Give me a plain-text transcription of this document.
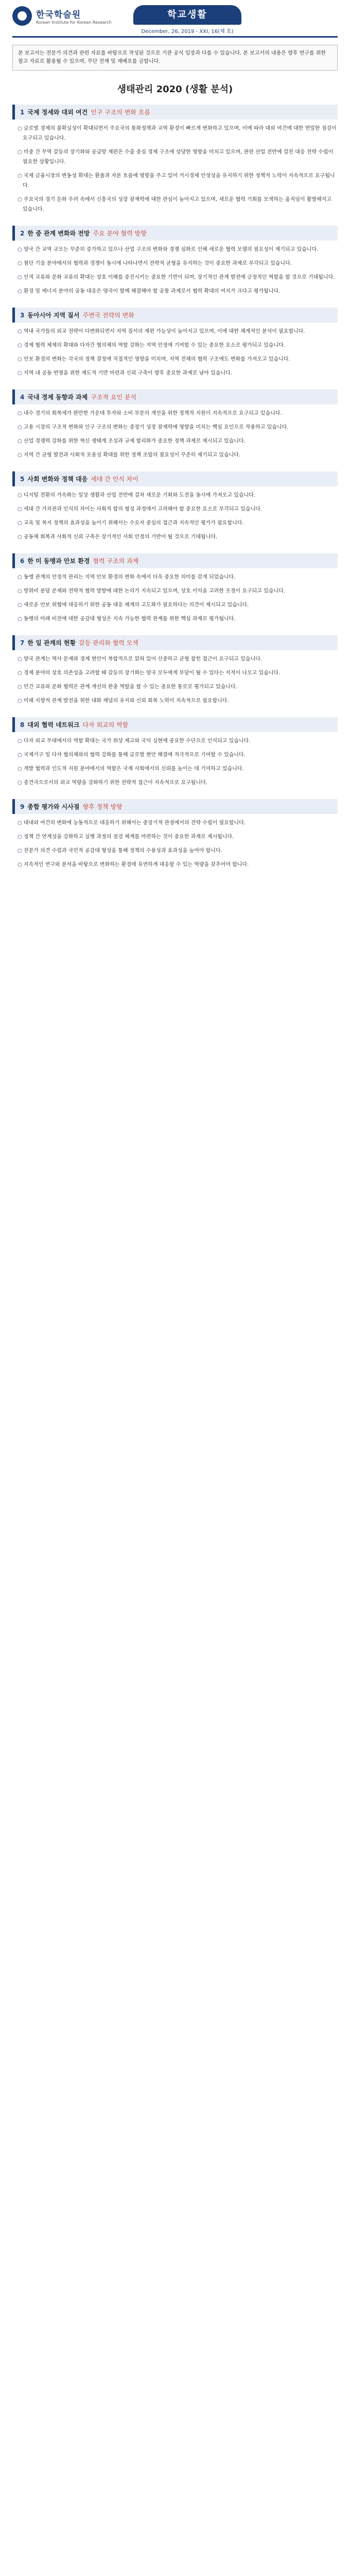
한국학술원
Korean Institute for Korean Research
학교생활
December, 26, 2019 - XXI, 16(제 호)
본 보고서는 전문가 의견과 관련 자료를 바탕으로 작성된 것으로 기관 공식 입장과 다를 수 있습니다. 본 보고서의 내용은 향후 연구를 위한 참고 자료로 활용될 수 있으며, 무단 전재 및 재배포를 금합니다.
생태관리 2020 (생활 분석)
1 국제 정세와 대외 여건 인구 구조의 변화 흐름
○ 글로벌 경제의 불확실성이 확대되면서 주요국의 통화정책과 교역 환경이 빠르게 변화하고 있으며, 이에 따라 대외 여건에 대한 면밀한 점검이 요구되고 있습니다.
○ 미중 간 무역 갈등의 장기화와 공급망 재편은 수출 중심 경제 구조에 상당한 영향을 미치고 있으며, 관련 산업 전반에 걸친 대응 전략 수립이 필요한 상황입니다.
○ 국제 금융시장의 변동성 확대는 환율과 자본 흐름에 영향을 주고 있어 거시경제 안정성을 유지하기 위한 정책적 노력이 지속적으로 요구됩니다.
○ 주요국의 경기 둔화 우려 속에서 신흥국의 성장 잠재력에 대한 관심이 높아지고 있으며, 새로운 협력 기회를 모색하는 움직임이 활발해지고 있습니다.
2 한 중 관계 변화와 전망 주요 분야 협력 방향
○ 양국 간 교역 규모는 꾸준히 증가하고 있으나 산업 구조의 변화와 경쟁 심화로 인해 새로운 협력 모델의 필요성이 제기되고 있습니다.
○ 첨단 기술 분야에서의 협력과 경쟁이 동시에 나타나면서 전략적 균형을 유지하는 것이 중요한 과제로 부각되고 있습니다.
○ 인적 교류와 문화 교류의 확대는 상호 이해를 증진시키는 중요한 기반이 되며, 장기적인 관계 발전에 긍정적인 역할을 할 것으로 기대됩니다.
○ 환경 및 에너지 분야의 공동 대응은 양국이 함께 해결해야 할 공통 과제로서 협력 확대의 여지가 크다고 평가됩니다.
3 동아시아 지역 질서 주변국 전략의 변화
○ 역내 국가들의 외교 전략이 다변화되면서 지역 질서의 재편 가능성이 높아지고 있으며, 이에 대한 체계적인 분석이 필요합니다.
○ 경제 협력 체제의 확대와 다자간 협의체의 역할 강화는 지역 안정에 기여할 수 있는 중요한 요소로 평가되고 있습니다.
○ 안보 환경의 변화는 각국의 정책 결정에 직접적인 영향을 미치며, 지역 전체의 협력 구조에도 변화를 가져오고 있습니다.
○ 지역 내 공동 번영을 위한 제도적 기반 마련과 신뢰 구축이 향후 중요한 과제로 남아 있습니다.
4 국내 경제 동향과 과제 구조적 요인 분석
○ 내수 경기의 회복세가 완만한 가운데 투자와 소비 부문의 개선을 위한 정책적 지원이 지속적으로 요구되고 있습니다.
○ 고용 시장의 구조적 변화와 인구 구조의 변화는 중장기 성장 잠재력에 영향을 미치는 핵심 요인으로 작용하고 있습니다.
○ 산업 경쟁력 강화를 위한 혁신 생태계 조성과 규제 합리화가 중요한 정책 과제로 제시되고 있습니다.
○ 지역 간 균형 발전과 사회적 포용성 확대를 위한 정책 조합의 필요성이 꾸준히 제기되고 있습니다.
5 사회 변화와 정책 대응 세대 간 인식 차이
○ 디지털 전환의 가속화는 일상 생활과 산업 전반에 걸쳐 새로운 기회와 도전을 동시에 가져오고 있습니다.
○ 세대 간 가치관과 인식의 차이는 사회적 합의 형성 과정에서 고려해야 할 중요한 요소로 부각되고 있습니다.
○ 교육 및 복지 정책의 효과성을 높이기 위해서는 수요자 중심의 접근과 지속적인 평가가 필요합니다.
○ 공동체 회복과 사회적 신뢰 구축은 장기적인 사회 안정의 기반이 될 것으로 기대됩니다.
6 한 미 동맹과 안보 환경 협력 구조의 과제
○ 동맹 관계의 안정적 관리는 지역 안보 환경의 변화 속에서 더욱 중요한 의미를 갖게 되었습니다.
○ 방위비 분담 문제와 전략적 협력 방향에 대한 논의가 지속되고 있으며, 상호 이익을 고려한 조정이 요구되고 있습니다.
○ 새로운 안보 위협에 대응하기 위한 공동 대응 체계의 고도화가 필요하다는 의견이 제시되고 있습니다.
○ 동맹의 미래 비전에 대한 공감대 형성은 지속 가능한 협력 관계를 위한 핵심 과제로 평가됩니다.
7 한 일 관계의 현황 갈등 관리와 협력 모색
○ 양국 관계는 역사 문제와 경제 현안이 복합적으로 얽혀 있어 신중하고 균형 잡힌 접근이 요구되고 있습니다.
○ 경제 분야의 상호 의존성을 고려할 때 갈등의 장기화는 양국 모두에게 부담이 될 수 있다는 지적이 나오고 있습니다.
○ 민간 교류와 문화 협력은 관계 개선의 완충 역할을 할 수 있는 중요한 통로로 평가되고 있습니다.
○ 미래 지향적 관계 발전을 위한 대화 채널의 유지와 신뢰 회복 노력이 지속적으로 필요합니다.
8 대외 협력 네트워크 다자 외교의 역할
○ 다자 외교 무대에서의 역할 확대는 국가 위상 제고와 국익 실현에 중요한 수단으로 인식되고 있습니다.
○ 국제기구 및 다자 협의체와의 협력 강화를 통해 글로벌 현안 해결에 적극적으로 기여할 수 있습니다.
○ 개발 협력과 인도적 지원 분야에서의 역할은 국제 사회에서의 신뢰를 높이는 데 기여하고 있습니다.
○ 중견국으로서의 외교 역량을 강화하기 위한 전략적 접근이 지속적으로 요구됩니다.
9 종합 평가와 시사점 향후 정책 방향
○ 대내외 여건의 변화에 능동적으로 대응하기 위해서는 중장기적 관점에서의 전략 수립이 필요합니다.
○ 정책 간 연계성을 강화하고 실행 과정의 점검 체계를 마련하는 것이 중요한 과제로 제시됩니다.
○ 전문가 의견 수렴과 국민적 공감대 형성을 통해 정책의 수용성과 효과성을 높여야 합니다.
○ 지속적인 연구와 분석을 바탕으로 변화하는 환경에 유연하게 대응할 수 있는 역량을 갖추어야 합니다.
